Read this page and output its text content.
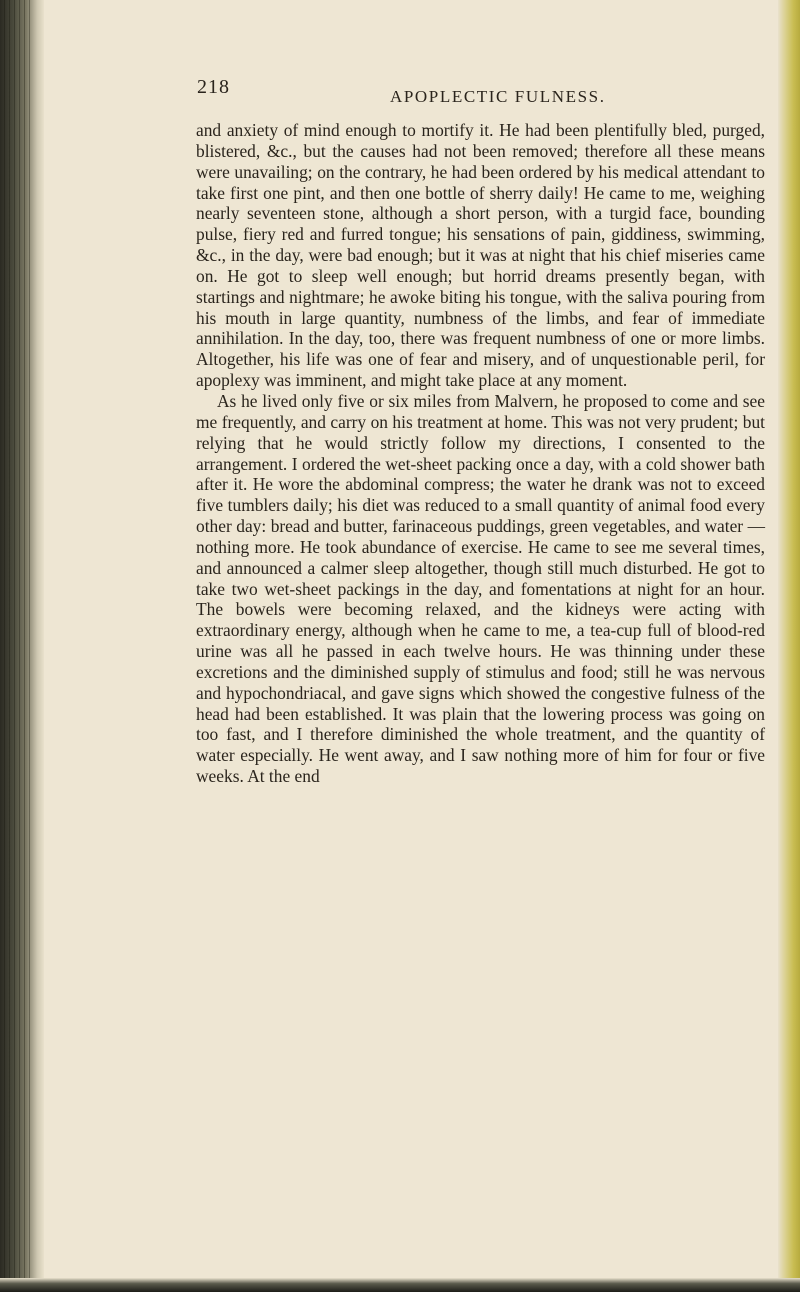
218	APOPLECTIC FULNESS.

and anxiety of mind enough to mortify it. He had been plentifully bled, purged, blistered, &c., but the causes had not been removed; therefore all these means were unavailing; on the contrary, he had been ordered by his medical attendant to take first one pint, and then one bottle of sherry daily! He came to me, weighing nearly seventeen stone, although a short person, with a turgid face, bounding pulse, fiery red and furred tongue; his sensations of pain, giddiness, swimming, &c., in the day, were bad enough; but it was at night that his chief miseries came on. He got to sleep well enough; but horrid dreams presently began, with startings and nightmare; he awoke biting his tongue, with the saliva pouring from his mouth in large quantity, numbness of the limbs, and fear of immediate annihilation. In the day, too, there was frequent numbness of one or more limbs. Altogether, his life was one of fear and misery, and of unquestionable peril, for apoplexy was imminent, and might take place at any moment.

As he lived only five or six miles from Malvern, he proposed to come and see me frequently, and carry on his treatment at home. This was not very prudent; but relying that he would strictly follow my directions, I consented to the arrangement. I ordered the wet-sheet packing once a day, with a cold shower bath after it. He wore the abdominal compress; the water he drank was not to exceed five tumblers daily; his diet was reduced to a small quantity of animal food every other day: bread and butter, farinaceous puddings, green vegetables, and water —nothing more. He took abundance of exercise. He came to see me several times, and announced a calmer sleep altogether, though still much disturbed. He got to take two wet-sheet packings in the day, and fomentations at night for an hour. The bowels were becoming relaxed, and the kidneys were acting with extraordinary energy, although when he came to me, a tea-cup full of blood-red urine was all he passed in each twelve hours. He was thinning under these excretions and the diminished supply of stimulus and food; still he was nervous and hypochondriacal, and gave signs which showed the congestive fulness of the head had been established. It was plain that the lowering process was going on too fast, and I therefore diminished the whole treatment, and the quantity of water especially. He went away, and I saw nothing more of him for four or five weeks. At the end
